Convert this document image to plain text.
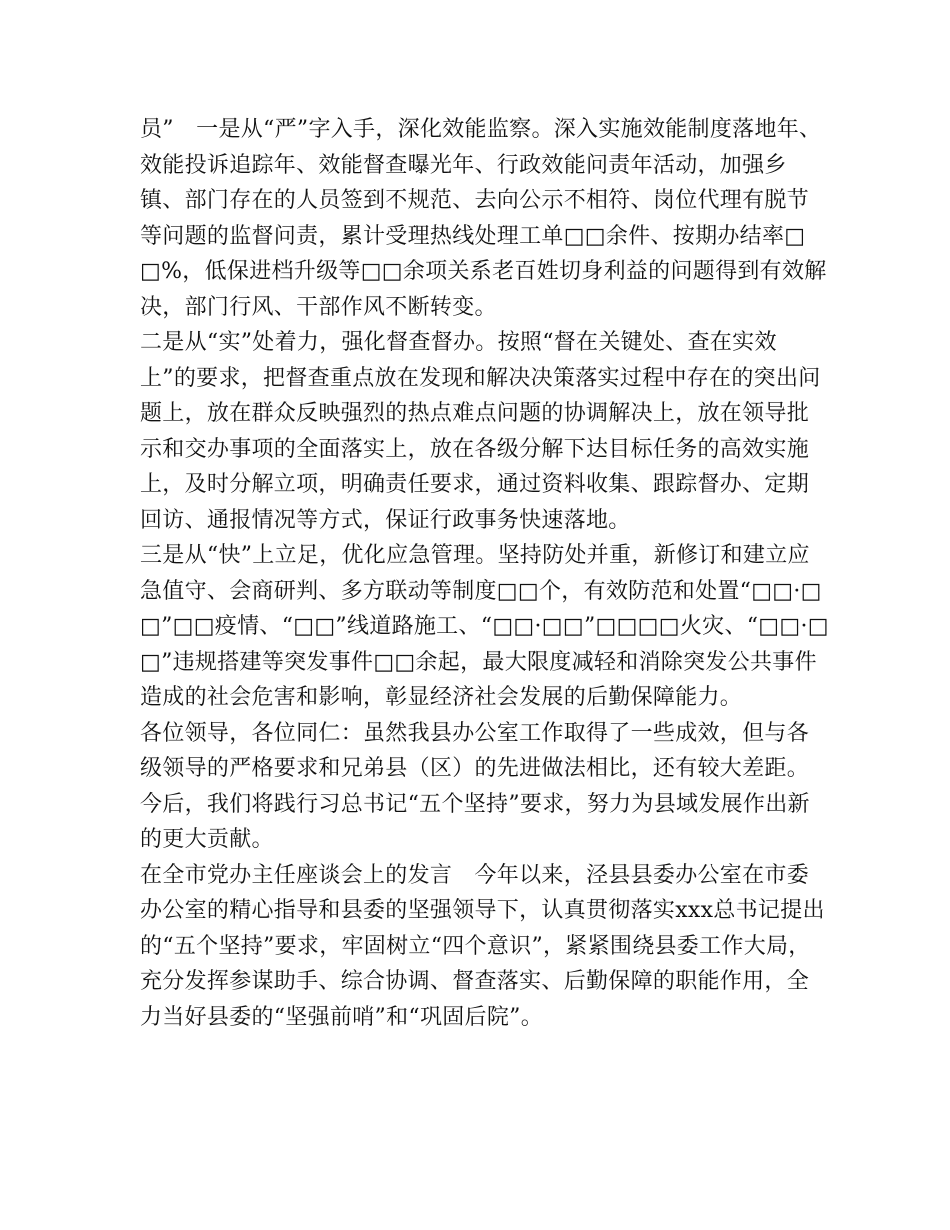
员”　一是从“严”字入手，深化效能监察。深入实施效能制度落地年、效能投诉追踪年、效能督查曝光年、行政效能问责年活动，加强乡镇、部门存在的人员签到不规范、去向公示不相符、岗位代理有脱节等问题的监督问责，累计受理热线处理工单□□余件、按期办结率□□%，低保进档升级等□□余项关系老百姓切身利益的问题得到有效解决，部门行风、干部作风不断转变。

二是从“实”处着力，强化督查督办。按照“督在关键处、查在实效上”的要求，把督查重点放在发现和解决决策落实过程中存在的突出问题上，放在群众反映强烈的热点难点问题的协调解决上，放在领导批示和交办事项的全面落实上，放在各级分解下达目标任务的高效实施上，及时分解立项，明确责任要求，通过资料收集、跟踪督办、定期回访、通报情况等方式，保证行政事务快速落地。

三是从“快”上立足，优化应急管理。坚持防处并重，新修订和建立应急值守、会商研判、多方联动等制度□□个，有效防范和处置“□□·□□”□□疫情、“□□”线道路施工、“□□·□□”□□□□火灾、“□□·□□”违规搭建等突发事件□□余起，最大限度减轻和消除突发公共事件造成的社会危害和影响，彰显经济社会发展的后勤保障能力。

各位领导，各位同仁：虽然我县办公室工作取得了一些成效，但与各级领导的严格要求和兄弟县（区）的先进做法相比，还有较大差距。今后，我们将践行习总书记“五个坚持”要求，努力为县域发展作出新的更大贡献。

在全市党办主任座谈会上的发言　今年以来，泾县县委办公室在市委办公室的精心指导和县委的坚强领导下，认真贯彻落实xxx总书记提出的“五个坚持”要求，牢固树立“四个意识”，紧紧围绕县委工作大局，充分发挥参谋助手、综合协调、督查落实、后勤保障的职能作用，全力当好县委的“坚强前哨”和“巩固后院”。
